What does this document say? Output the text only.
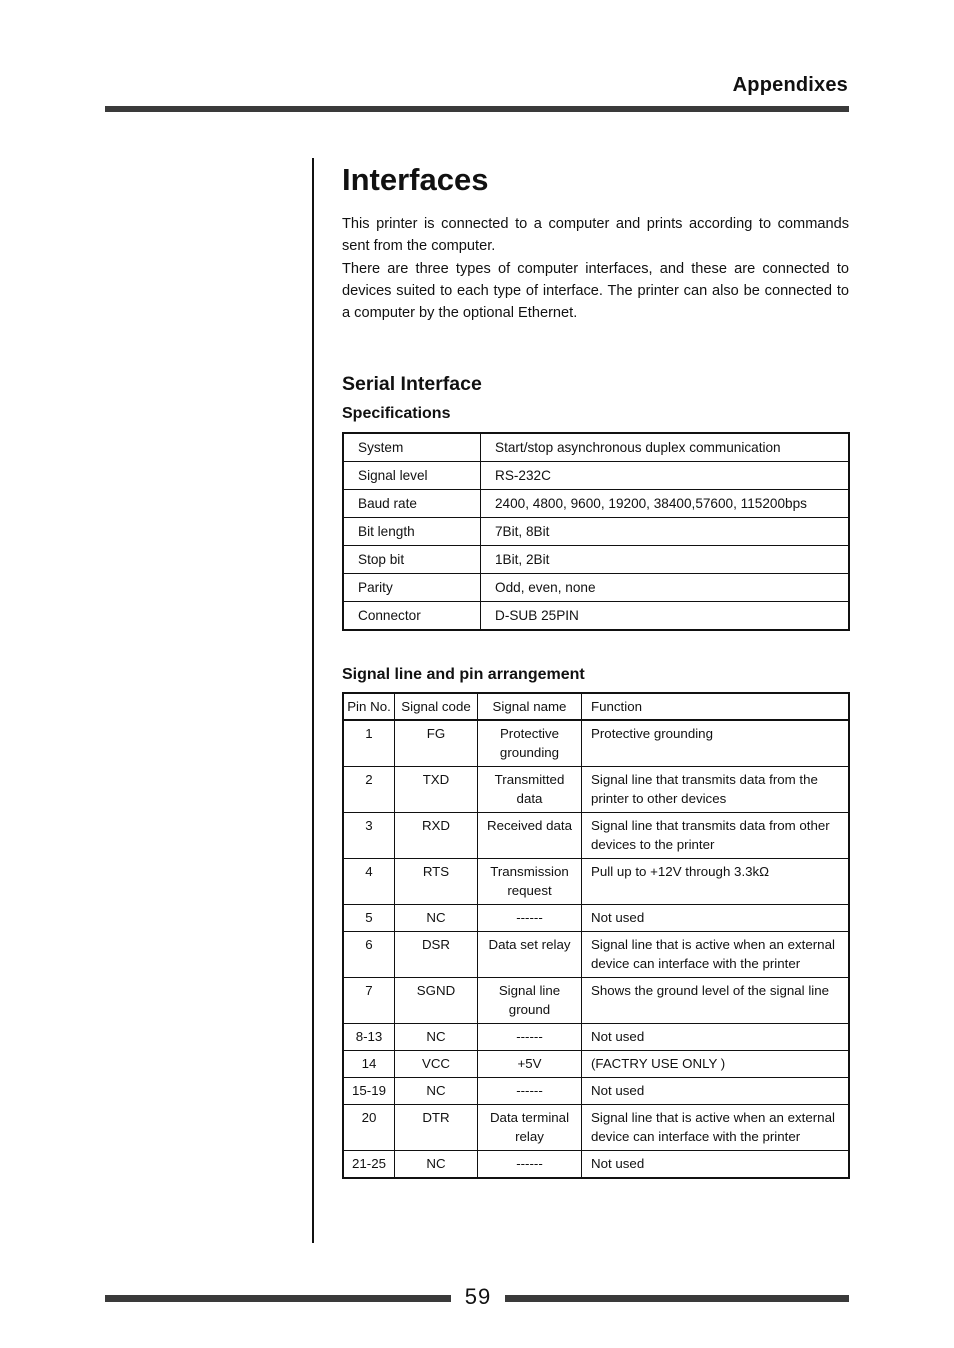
Appendixes
Interfaces

This printer is connected to a computer and prints according to commands sent from the computer.

There are three types of computer interfaces, and these are connected to devices suited to each type of interface. The printer can also be connected to a computer by the optional Ethernet.

Serial Interface
Specifications
System	Start/stop asynchronous duplex communication
Signal level	RS-232C
Baud rate	2400, 4800, 9600, 19200, 38400,57600, 115200bps
Bit length	7Bit, 8Bit
Stop bit	1Bit, 2Bit
Parity	Odd, even, none
Connector	D-SUB 25PIN
Signal line and pin arrangement
Pin No.	Signal code	Signal name	Function
1	FG	Protective grounding	Protective grounding
2	TXD	Transmitted data	Signal line that transmits data from the printer to other devices
3	RXD	Received data	Signal line that transmits data from other devices to the printer
4	RTS	Transmission request	Pull up to +12V through 3.3kΩ
5	NC	------	Not used
6	DSR	Data set relay	Signal line that is active when an external device can interface with the printer
7	SGND	Signal line ground	Shows the ground level of the signal line
8-13	NC	------	Not used
14	VCC	+5V	(FACTRY USE ONLY )
15-19	NC	------	Not used
20	DTR	Data terminal relay	Signal line that is active when an external device can interface with the printer
21-25	NC	------	Not used
59
